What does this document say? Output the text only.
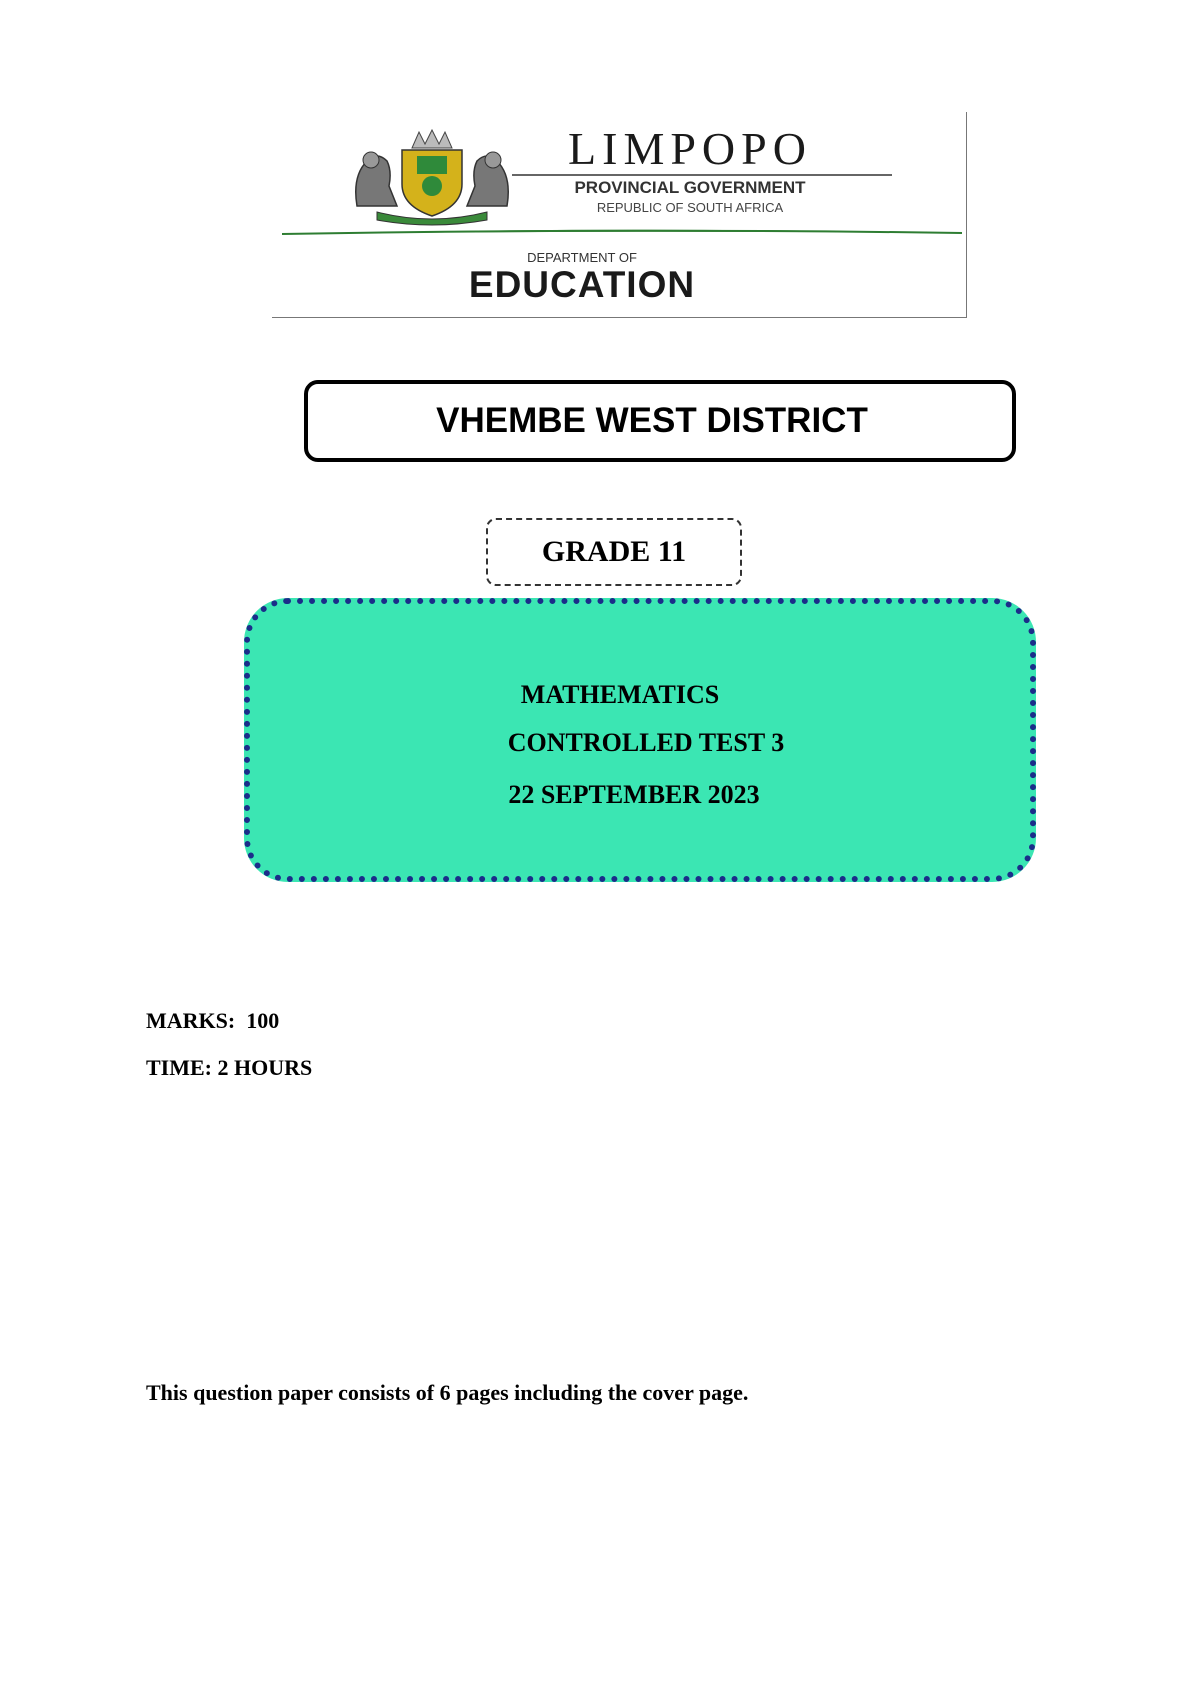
LIMPOPO
PROVINCIAL GOVERNMENT
REPUBLIC OF SOUTH AFRICA
DEPARTMENT OF
EDUCATION
VHEMBE WEST DISTRICT
GRADE 11
MATHEMATICS
CONTROLLED TEST 3
22 SEPTEMBER 2023
MARKS:  100
TIME: 2 HOURS
This question paper consists of 6 pages including the cover page.
